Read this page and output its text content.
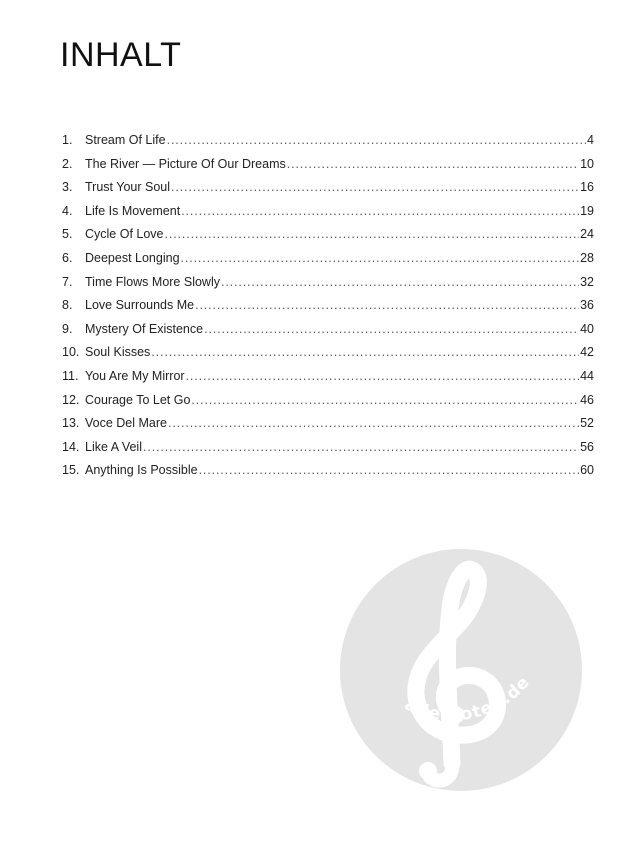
INHALT
1.	Stream Of Life . . .	4
2.	The River — Picture Of Our Dreams . . .	10
3.	Trust Your Soul . . .	16
4.	Life Is Movement . . .	19
5.	Cycle Of Love . . .	24
6.	Deepest Longing . . .	28
7.	Time Flows More Slowly . . .	32
8.	Love Surrounds Me . . .	36
9.	Mystery Of Existence . . .	40
10. Soul Kisses . . .	42
11. You Are My Mirror . . .	44
12. Courage To Let Go . . .	46
13. Voce Del Mare . . .	52
14. Like A Veil . . .	56
15. Anything Is Possible . . .	60
alle-noten.de
